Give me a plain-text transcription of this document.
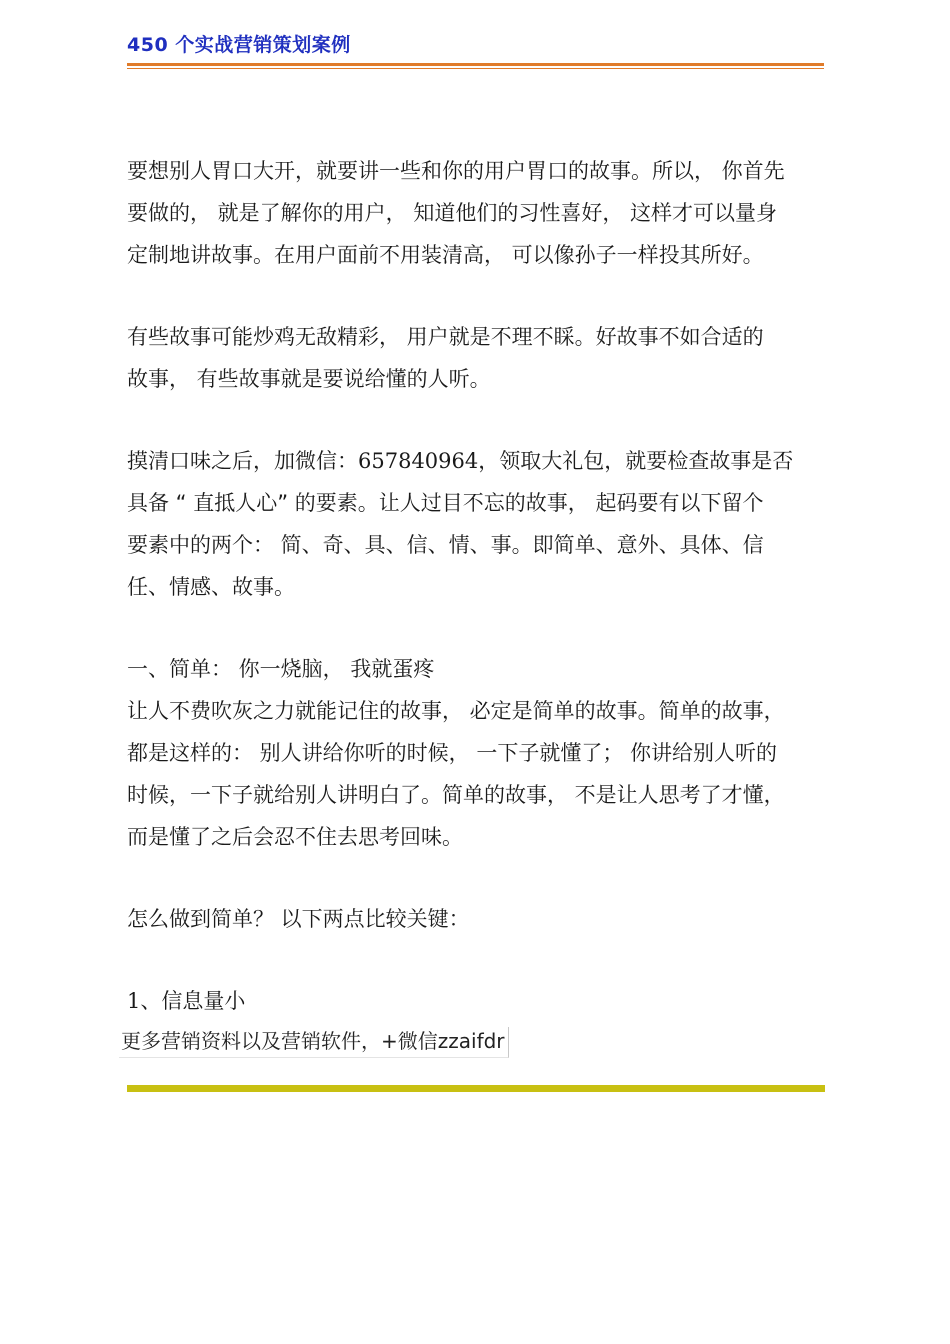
450 个实战营销策划案例

要想别人胃口大开，就要讲一些和你的用户胃口的故事。所以， 你首先

要做的， 就是了解你的用户， 知道他们的习性喜好， 这样才可以量身

定制地讲故事。在用户面前不用装清高， 可以像孙子一样投其所好。

有些故事可能炒鸡无敌精彩， 用户就是不理不睬。好故事不如合适的

故事， 有些故事就是要说给懂的人听。

摸清口味之后，加微信：657840964，领取大礼包，就要检查故事是否

具备 “ 直抵人心” 的要素。让人过目不忘的故事， 起码要有以下留个

要素中的两个： 简、奇、具、信、情、事。即简单、意外、具体、信

任、情感、故事。

一、简单： 你一烧脑， 我就蛋疼

让人不费吹灰之力就能记住的故事， 必定是简单的故事。简单的故事，

都是这样的： 别人讲给你听的时候， 一下子就懂了； 你讲给别人听的

时候，一下子就给别人讲明白了。简单的故事， 不是让人思考了才懂，

而是懂了之后会忍不住去思考回味。

怎么做到简单？ 以下两点比较关键：

1、信息量小

更多营销资料以及营销软件，+微信zzaifdr
